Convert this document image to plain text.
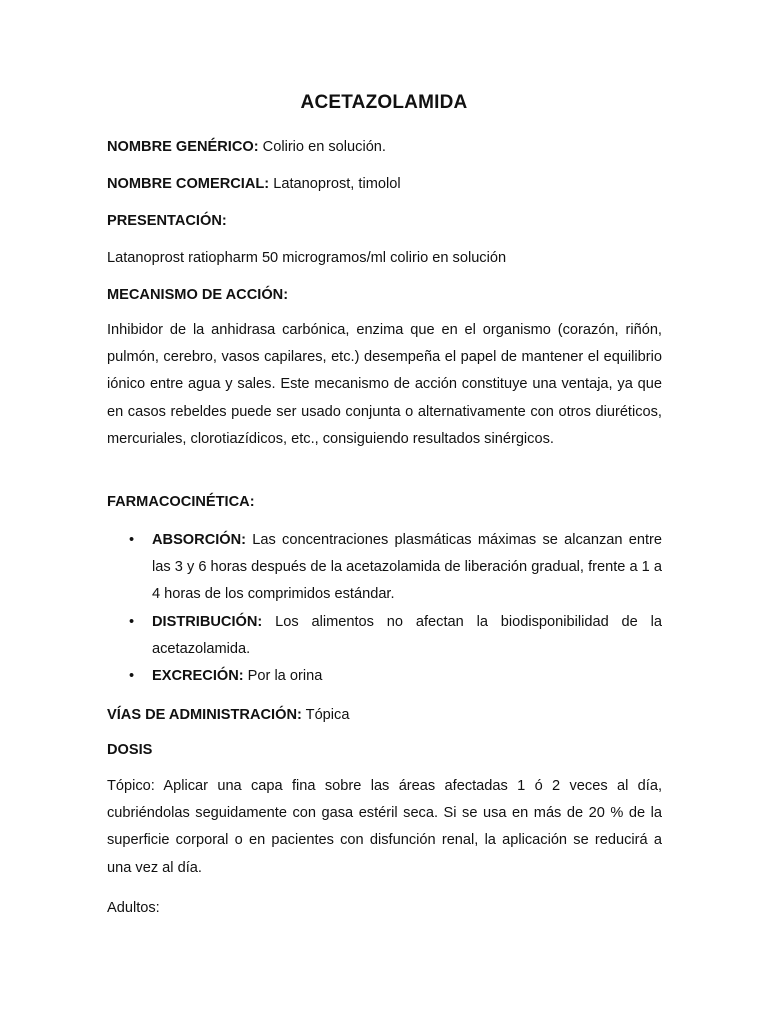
ACETAZOLAMIDA
NOMBRE GENÉRICO: Colirio en solución.
NOMBRE COMERCIAL: Latanoprost, timolol
PRESENTACIÓN:
Latanoprost ratiopharm 50 microgramos/ml colirio en solución
MECANISMO DE ACCIÓN:
Inhibidor de la anhidrasa carbónica, enzima que en el organismo (corazón, riñón, pulmón, cerebro, vasos capilares, etc.) desempeña el papel de mantener el equilibrio iónico entre agua y sales. Este mecanismo de acción constituye una ventaja, ya que en casos rebeldes puede ser usado conjunta o alternativamente con otros diuréticos, mercuriales, clorotiazídicos, etc., consiguiendo resultados sinérgicos.
FARMACOCINÉTICA:
• ABSORCIÓN: Las concentraciones plasmáticas máximas se alcanzan entre las 3 y 6 horas después de la acetazolamida de liberación gradual, frente a 1 a 4 horas de los comprimidos estándar.
• DISTRIBUCIÓN: Los alimentos no afectan la biodisponibilidad de la acetazolamida.
• EXCRECIÓN: Por la orina
VÍAS DE ADMINISTRACIÓN: Tópica
DOSIS
Tópico: Aplicar una capa fina sobre las áreas afectadas 1 ó 2 veces al día, cubriéndolas seguidamente con gasa estéril seca. Si se usa en más de 20 % de la superficie corporal o en pacientes con disfunción renal, la aplicación se reducirá a una vez al día.
Adultos:
